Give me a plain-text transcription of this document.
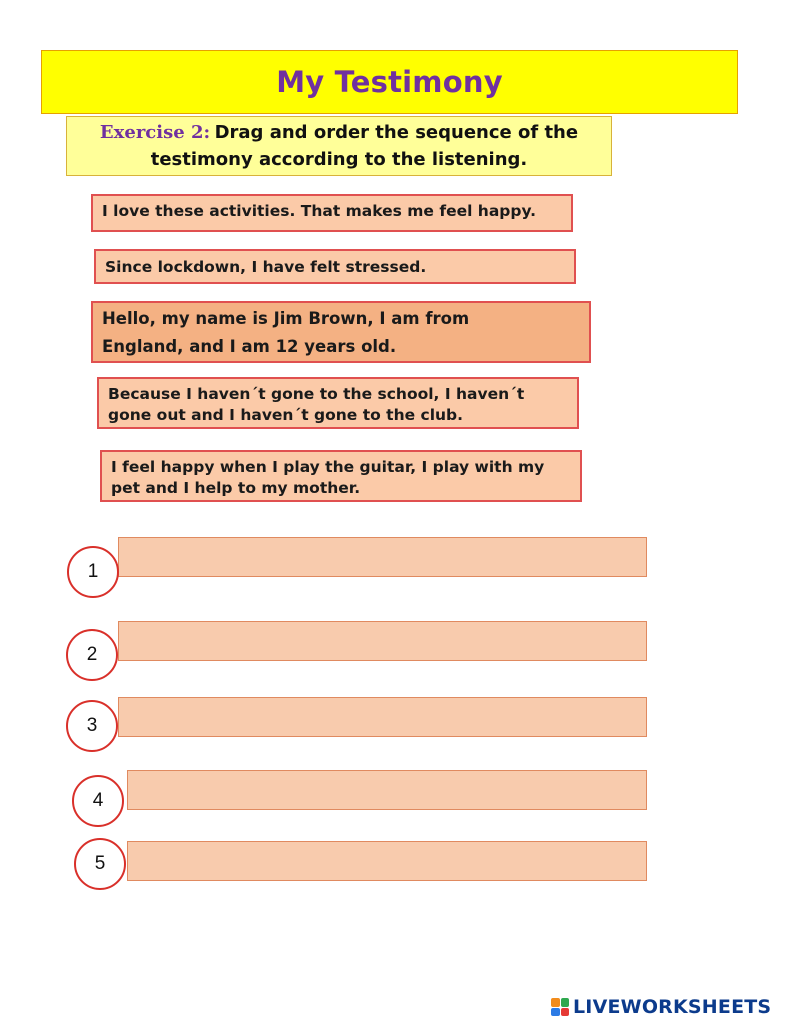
My Testimony
Exercise 2: Drag and order the sequence of the
testimony according to the listening.
I love these activities. That makes me feel happy.
Since lockdown, I have felt stressed.
Hello, my name is Jim Brown, I am from
England, and I am 12 years old.
Because I haven´t gone to the school, I haven´t
gone out and I haven´t gone to the club.
I feel happy when I play the guitar, I play with my
pet and I help to my mother.
1
2
3
4
5
LIVEWORKSHEETS
